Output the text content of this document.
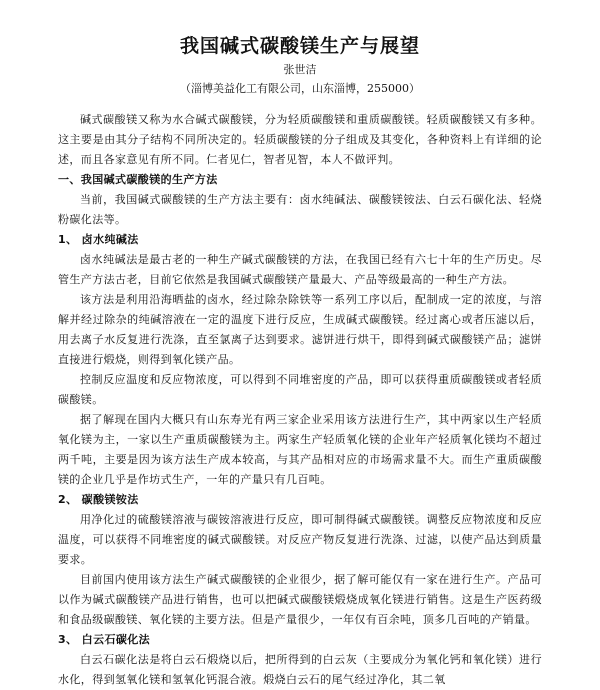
我国碱式碳酸镁生产与展望
张世洁
（淄博美益化工有限公司，山东淄博，255000）

碱式碳酸镁又称为水合碱式碳酸镁，分为轻质碳酸镁和重质碳酸镁。轻质碳酸镁又有多种。这主要是由其分子结构不同所决定的。轻质碳酸镁的分子组成及其变化，各种资料上有详细的论述，而且各家意见有所不同。仁者见仁，智者见智，本人不做评判。

一、我国碱式碳酸镁的生产方法

当前，我国碱式碳酸镁的生产方法主要有：卤水纯碱法、碳酸镁铵法、白云石碳化法、轻烧粉碳化法等。

1、 卤水纯碱法

卤水纯碱法是最古老的一种生产碱式碳酸镁的方法，在我国已经有六七十年的生产历史。尽管生产方法古老，目前它依然是我国碱式碳酸镁产量最大、产品等级最高的一种生产方法。

该方法是利用沿海晒盐的卤水，经过除杂除铁等一系列工序以后，配制成一定的浓度，与溶解并经过除杂的纯碱溶液在一定的温度下进行反应，生成碱式碳酸镁。经过离心或者压滤以后，用去离子水反复进行洗涤，直至氯离子达到要求。滤饼进行烘干，即得到碱式碳酸镁产品；滤饼直接进行煅烧，则得到氧化镁产品。

控制反应温度和反应物浓度，可以得到不同堆密度的产品，即可以获得重质碳酸镁或者轻质碳酸镁。

据了解现在国内大概只有山东寿光有两三家企业采用该方法进行生产，其中两家以生产轻质氧化镁为主，一家以生产重质碳酸镁为主。两家生产轻质氧化镁的企业年产轻质氧化镁均不超过两千吨，主要是因为该方法生产成本较高，与其产品相对应的市场需求量不大。而生产重质碳酸镁的企业几乎是作坊式生产，一年的产量只有几百吨。

2、 碳酸镁铵法

用净化过的硫酸镁溶液与碳铵溶液进行反应，即可制得碱式碳酸镁。调整反应物浓度和反应温度，可以获得不同堆密度的碱式碳酸镁。对反应产物反复进行洗涤、过滤，以使产品达到质量要求。

目前国内使用该方法生产碱式碳酸镁的企业很少，据了解可能仅有一家在进行生产。产品可以作为碱式碳酸镁产品进行销售，也可以把碱式碳酸镁煅烧成氧化镁进行销售。这是生产医药级和食品级碳酸镁、氧化镁的主要方法。但是产量很少，一年仅有百余吨，顶多几百吨的产销量。

3、 白云石碳化法

白云石碳化法是将白云石煅烧以后，把所得到的白云灰（主要成分为氧化钙和氧化镁）进行水化，得到氢氧化镁和氢氧化钙混合液。煅烧白云石的尾气经过净化，其二氧
